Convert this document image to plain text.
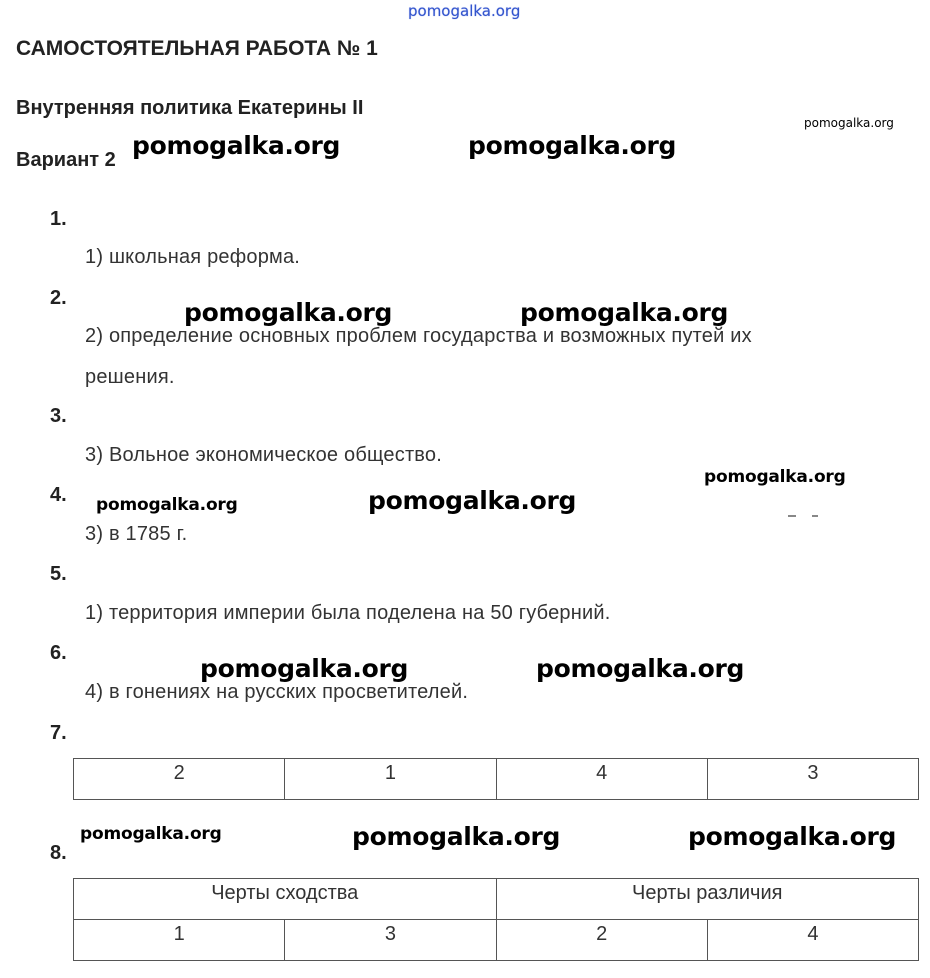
pomogalka.org
САМОСТОЯТЕЛЬНАЯ РАБОТА № 1
Внутренняя политика Екатерины II
pomogalka.org
Вариант 2 pomogalka.org	pomogalka.org
1.
1) школьная реформа.
2.	pomogalka.org	pomogalka.org
2) определение основных проблем государства и возможных путей их
решения.
3.
3) Вольное экономическое общество.
pomogalka.org
4. pomogalka.org	pomogalka.org
3) в 1785 г.
5.
1) территория империи была поделена на 50 губерний.
6.
pomogalka.org	pomogalka.org
4) в гонениях на русских просветителей.
7.
2	1	4	3
pomogalka.org	pomogalka.org	pomogalka.org
8.
Черты сходства		Черты различия	
1	3	2	4
